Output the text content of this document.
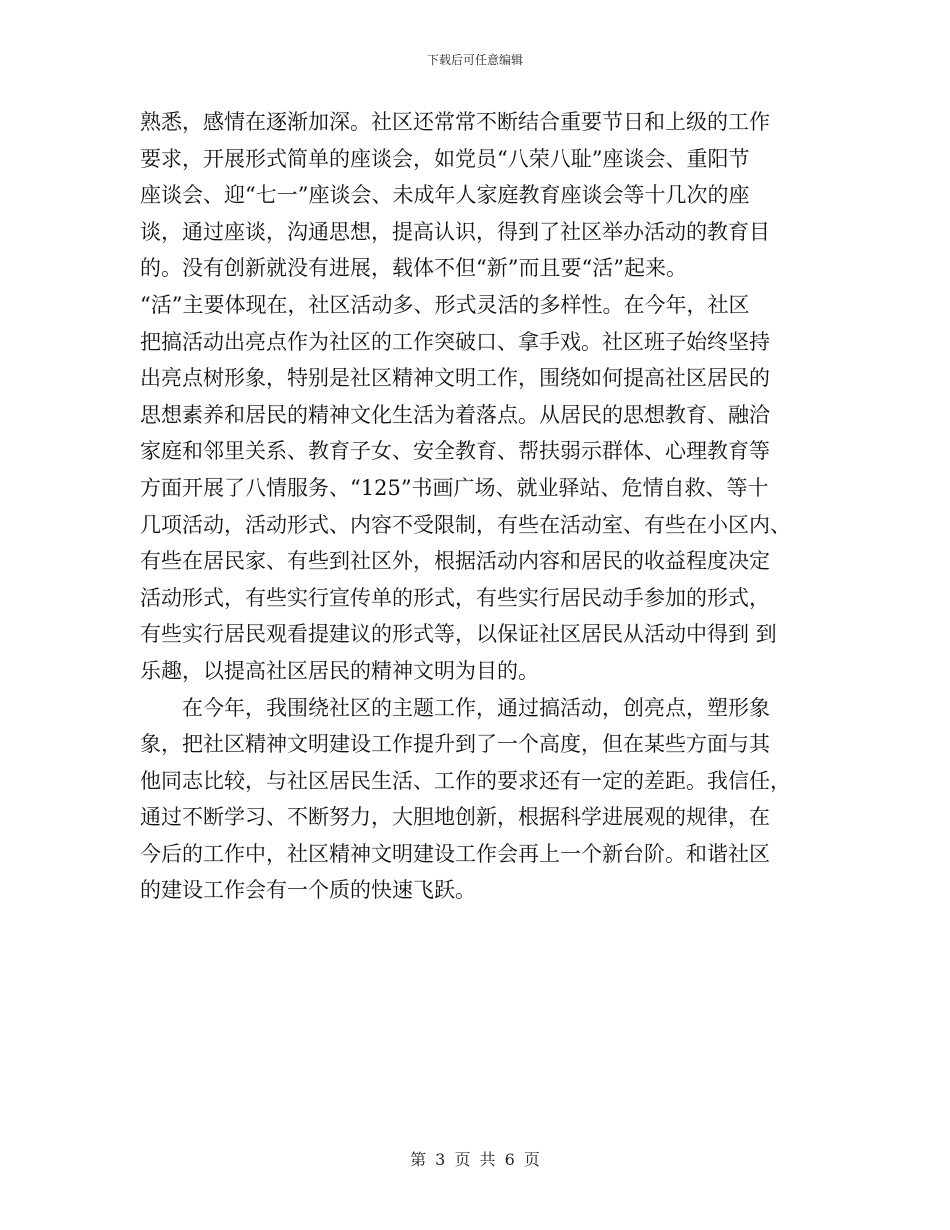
下载后可任意编辑
熟悉，感情在逐渐加深。社区还常常不断结合重要节日和上级的工作
要求，开展形式简单的座谈会，如党员“八荣八耻”座谈会、重阳节
座谈会、迎“七一”座谈会、未成年人家庭教育座谈会等十几次的座
谈，通过座谈，沟通思想，提高认识，得到了社区举办活动的教育目
的。没有创新就没有进展，载体不但“新”而且要“活”起来。
“活”主要体现在，社区活动多、形式灵活的多样性。在今年，社区
把搞活动出亮点作为社区的工作突破口、拿手戏。社区班子始终坚持
出亮点树形象，特别是社区精神文明工作，围绕如何提高社区居民的
思想素养和居民的精神文化生活为着落点。从居民的思想教育、融洽
家庭和邻里关系、教育子女、安全教育、帮扶弱示群体、心理教育等
方面开展了八情服务、“125”书画广场、就业驿站、危情自救、等十
几项活动，活动形式、内容不受限制，有些在活动室、有些在小区内、
有些在居民家、有些到社区外，根据活动内容和居民的收益程度决定
活动形式，有些实行宣传单的形式，有些实行居民动手参加的形式，
有些实行居民观看提建议的形式等，以保证社区居民从活动中得到 到
乐趣，以提高社区居民的精神文明为目的。
在今年，我围绕社区的主题工作，通过搞活动，创亮点，塑形象
象，把社区精神文明建设工作提升到了一个高度，但在某些方面与其
他同志比较，与社区居民生活、工作的要求还有一定的差距。我信任，
通过不断学习、不断努力，大胆地创新，根据科学进展观的规律，在
今后的工作中，社区精神文明建设工作会再上一个新台阶。和谐社区
的建设工作会有一个质的快速飞跃。
第 3 页 共 6 页
